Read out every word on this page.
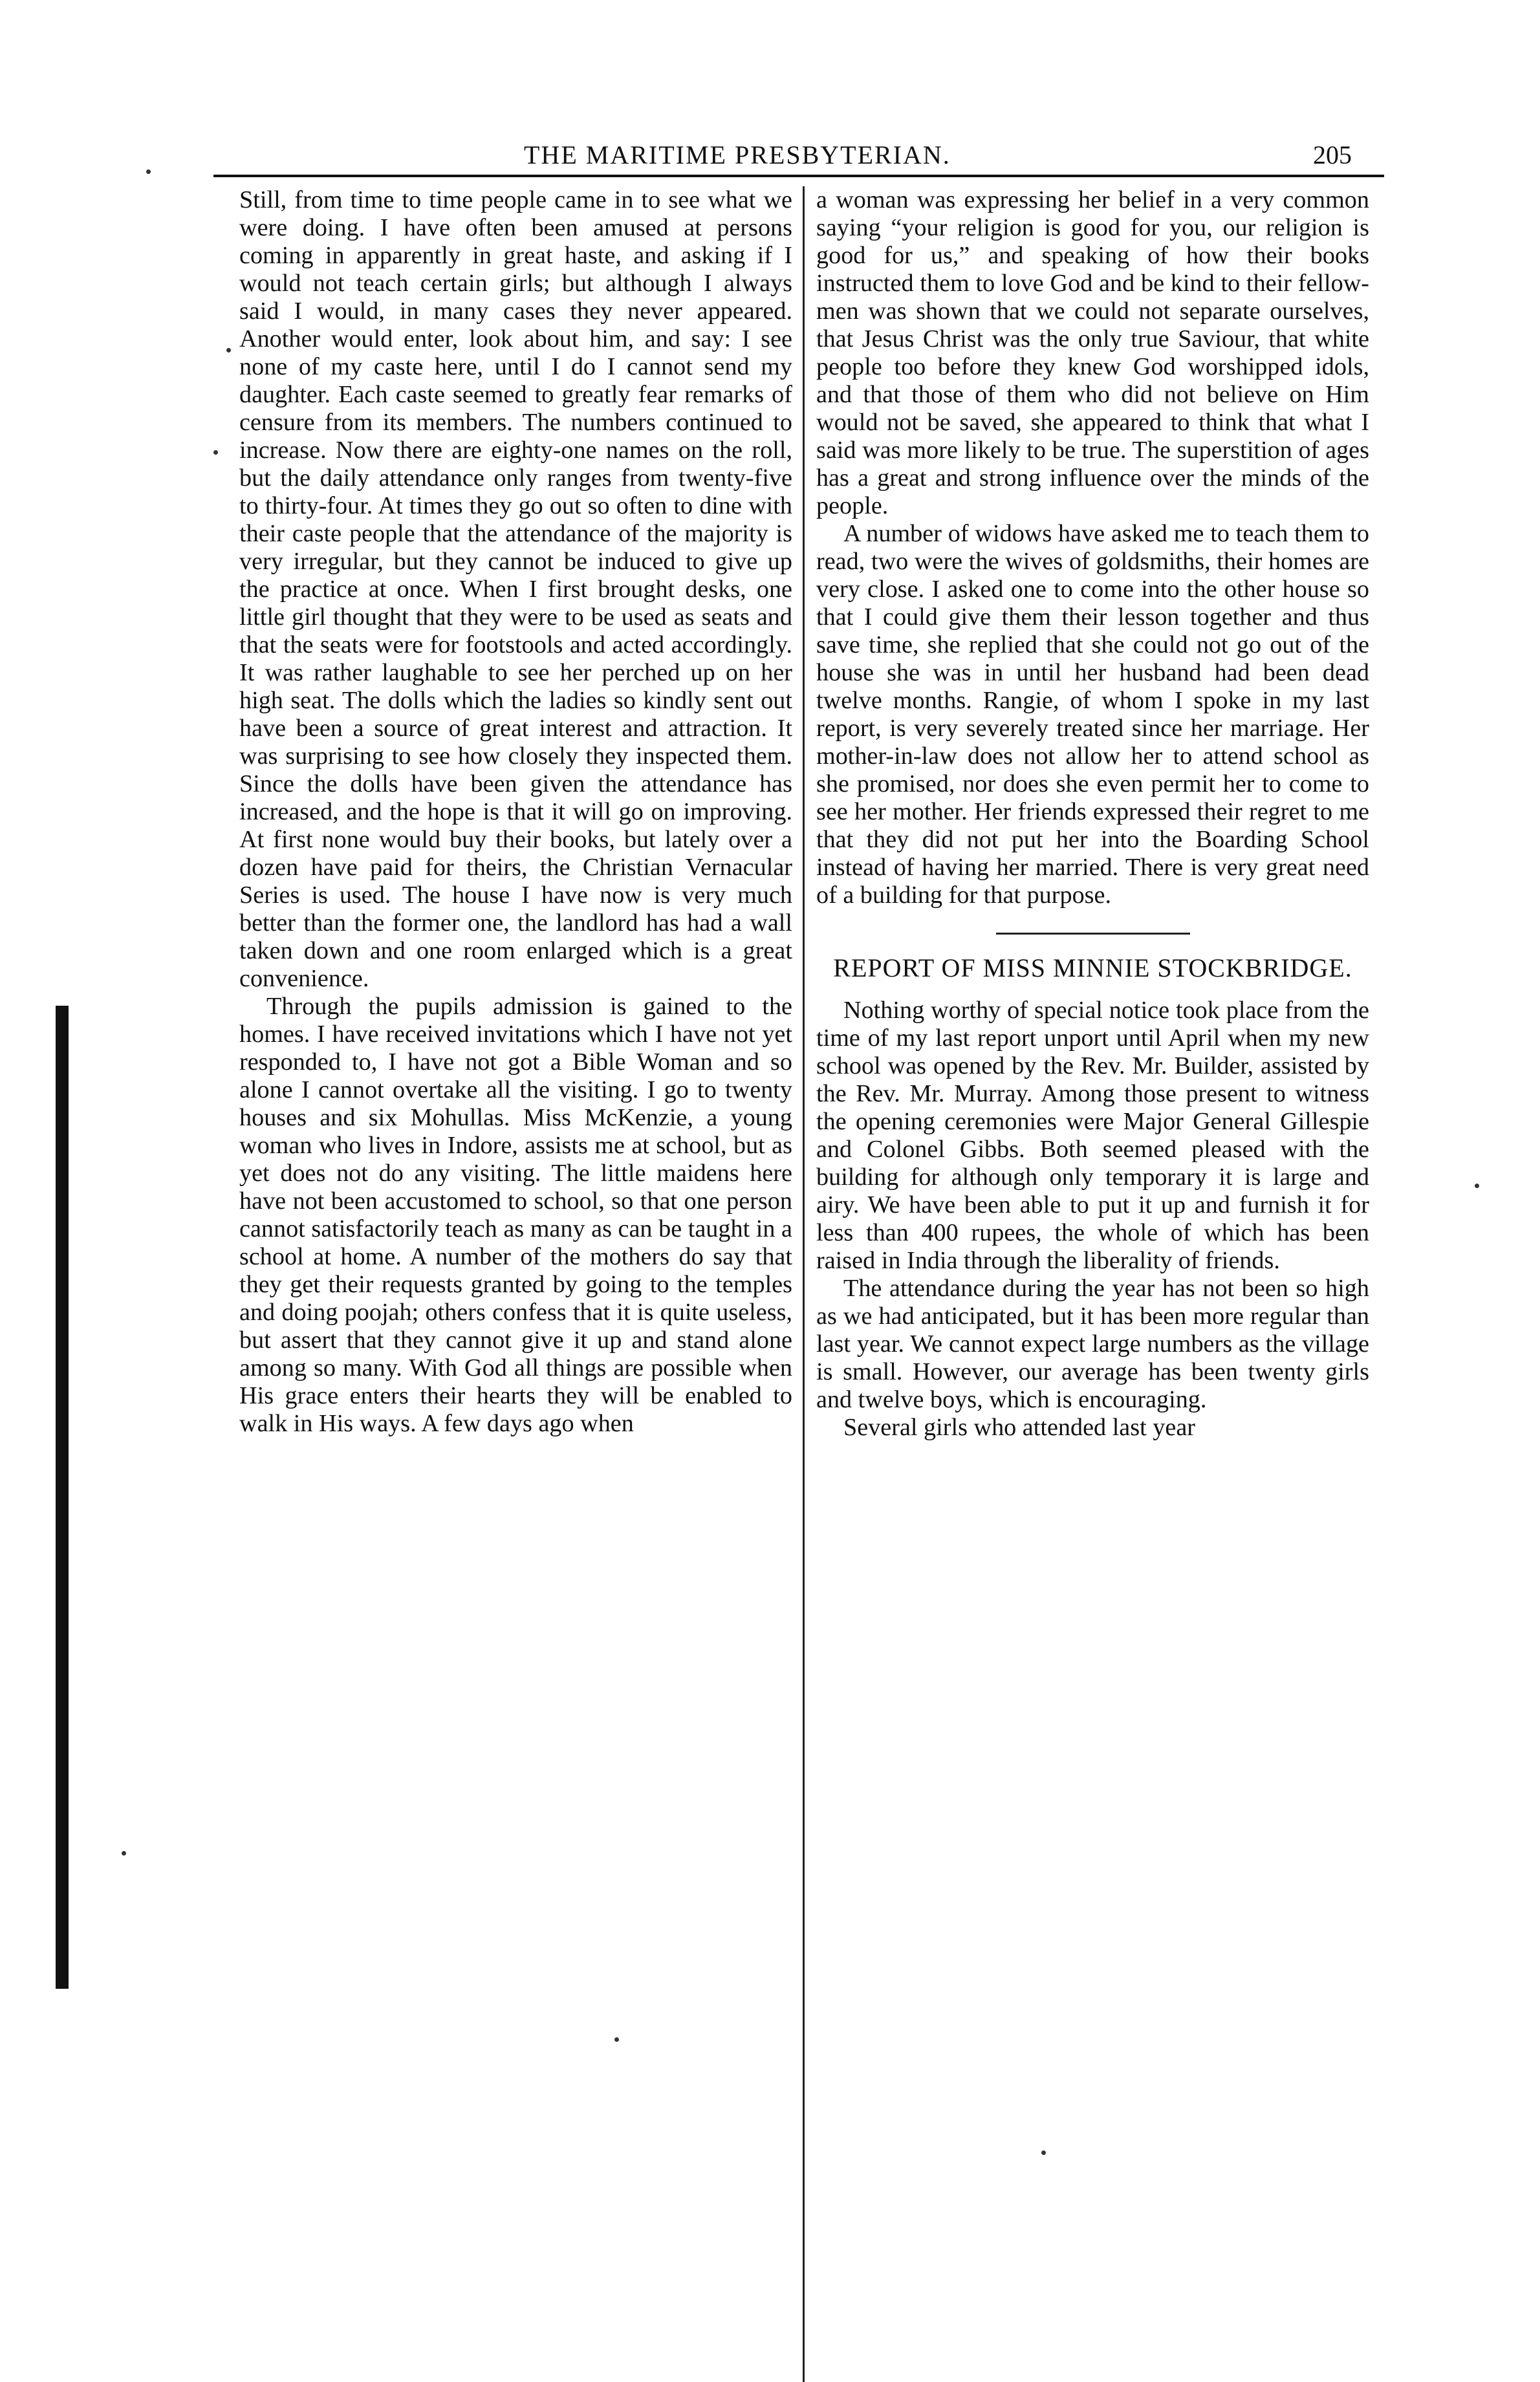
THE MARITIME PRESBYTERIAN.	205

Still, from time to time people came in to see what we were doing. I have often been amused at persons coming in apparently in great haste, and asking if I would not teach certain girls; but although I always said I would, in many cases they never appeared. Another would enter, look about him, and say: I see none of my caste here, until I do I cannot send my daughter. Each caste seemed to greatly fear remarks of censure from its members. The numbers continued to increase. Now there are eighty-one names on the roll, but the daily attendance only ranges from twenty-five to thirty-four. At times they go out so often to dine with their caste people that the attendance of the majority is very irregular, but they cannot be induced to give up the practice at once. When I first brought desks, one little girl thought that they were to be used as seats and that the seats were for footstools and acted accordingly. It was rather laughable to see her perched up on her high seat. The dolls which the ladies so kindly sent out have been a source of great interest and attraction. It was surprising to see how closely they inspected them. Since the dolls have been given the attendance has increased, and the hope is that it will go on improving. At first none would buy their books, but lately over a dozen have paid for theirs, the Christian Vernacular Series is used. The house I have now is very much better than the former one, the landlord has had a wall taken down and one room enlarged which is a great convenience.

Through the pupils admission is gained to the homes. I have received invitations which I have not yet responded to, I have not got a Bible Woman and so alone I cannot overtake all the visiting. I go to twenty houses and six Mohullas. Miss McKenzie, a young woman who lives in Indore, assists me at school, but as yet does not do any visiting. The little maidens here have not been accustomed to school, so that one person cannot satisfactorily teach as many as can be taught in a school at home. A number of the mothers do say that they get their requests granted by going to the temples and doing poojah; others confess that it is quite useless, but assert that they cannot give it up and stand alone among so many. With God all things are possible when His grace enters their hearts they will be enabled to walk in His ways. A few days ago when

a woman was expressing her belief in a very common saying “your religion is good for you, our religion is good for us,” and speaking of how their books instructed them to love God and be kind to their fellow-men was shown that we could not separate ourselves, that Jesus Christ was the only true Saviour, that white people too before they knew God worshipped idols, and that those of them who did not believe on Him would not be saved, she appeared to think that what I said was more likely to be true. The superstition of ages has a great and strong influence over the minds of the people.

A number of widows have asked me to teach them to read, two were the wives of goldsmiths, their homes are very close. I asked one to come into the other house so that I could give them their lesson together and thus save time, she replied that she could not go out of the house she was in until her husband had been dead twelve months. Rangie, of whom I spoke in my last report, is very severely treated since her marriage. Her mother-in-law does not allow her to attend school as she promised, nor does she even permit her to come to see her mother. Her friends expressed their regret to me that they did not put her into the Boarding School instead of having her married. There is very great need of a building for that purpose.

REPORT OF MISS MINNIE STOCKBRIDGE.

Nothing worthy of special notice took place from the time of my last report unport until April when my new school was opened by the Rev. Mr. Builder, assisted by the Rev. Mr. Murray. Among those present to witness the opening ceremonies were Major General Gillespie and Colonel Gibbs. Both seemed pleased with the building for although only temporary it is large and airy. We have been able to put it up and furnish it for less than 400 rupees, the whole of which has been raised in India through the liberality of friends.

The attendance during the year has not been so high as we had anticipated, but it has been more regular than last year. We cannot expect large numbers as the village is small. However, our average has been twenty girls and twelve boys, which is encouraging.

Several girls who attended last year
